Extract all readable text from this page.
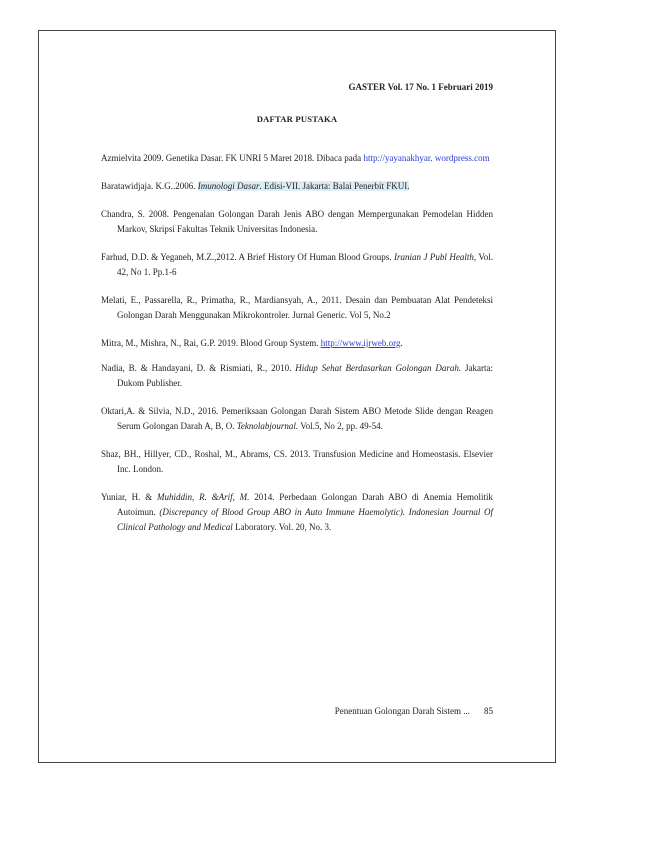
GASTER Vol. 17 No. 1 Februari 2019
DAFTAR PUSTAKA

Azmielvita 2009. Genetika Dasar. FK UNRI 5 Maret 2018. Dibaca pada http://yayanakhyar. wordpress.com

Baratawidjaja. K.G..2006. Imunologi Dasar. Edisi-VII. Jakarta: Balai Penerbit FKUI.

Chandra, S. 2008. Pengenalan Golongan Darah Jenis ABO dengan Mempergunakan Pemodelan Hidden Markov, Skripsi Fakultas Teknik Universitas Indonesia.

Farhud, D.D. & Yeganeh, M.Z.,2012. A Brief History Of Human Blood Groups. Iranian J Publ Health, Vol. 42, No 1. Pp.1-6

Melati, E., Passarella, R., Primatha, R., Mardiansyah, A., 2011. Desain dan Pembuatan Alat Pendeteksi Golongan Darah Menggunakan Mikrokontroler. Jurnal Generic. Vol 5, No.2

Mitra, M., Mishra, N., Rai, G.P. 2019. Blood Group System. http://www.ijrweb.org.

Nadia, B. & Handayani, D. & Rismiati, R., 2010. Hidup Sehat Berdasarkan Golongan Darah. Jakarta: Dukom Publisher.

Oktari,A. & Silvia, N.D., 2016. Pemeriksaan Golongan Darah Sistem ABO Metode Slide dengan Reagen Serum Golongan Darah A, B, O. Teknolabjournal. Vol.5, No 2, pp. 49-54.

Shaz, BH., Hillyer, CD., Roshal, M., Abrams, CS. 2013. Transfusion Medicine and Homeostasis. Elsevier Inc. London.

Yuniar, H. & Muhiddin, R. &Arif, M. 2014. Perbedaan Golongan Darah ABO di Anemia Hemolitik Autoimun. (Discrepancy of Blood Group ABO in Auto Immune Haemolytic). Indonesian Journal Of Clinical Pathology and Medical Laboratory. Vol. 20, No. 3.

Penentuan Golongan Darah Sistem ... 85
